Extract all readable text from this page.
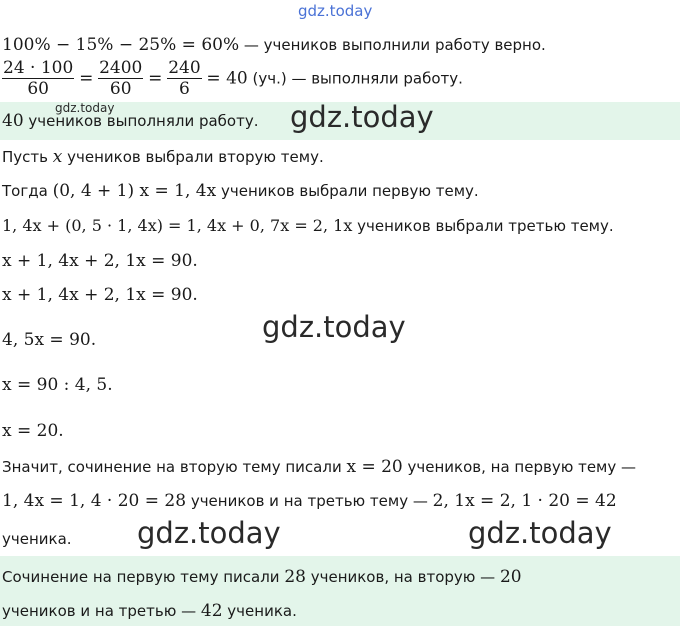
gdz.today
100% − 15% − 25% = 60% — учеников выполнили работу верно.
$\frac{24 \cdot 100}{60} = \frac{2400}{60} = \frac{240}{6} = 40$ (уч.) — выполняли работу.
gdz.today
40 учеников выполняли работу. gdz.today
Пусть x учеников выбрали вторую тему.
Тогда (0, 4 + 1) x = 1, 4x учеников выбрали первую тему.
1, 4x + (0, 5 · 1, 4x) = 1, 4x + 0, 7x = 2, 1x учеников выбрали третью тему.
x + 1, 4x + 2, 1x = 90.
x + 1, 4x + 2, 1x = 90.
gdz.today
4, 5x = 90.
x = 90 : 4, 5.
x = 20.
Значит, сочинение на вторую тему писали x = 20 учеников, на первую тему —
1, 4x = 1, 4 · 20 = 28 учеников и на третью тему — 2, 1x = 2, 1 · 20 = 42
ученика. gdz.today	gdz.today
Сочинение на первую тему писали 28 учеников, на вторую — 20
учеников и на третью — 42 ученика.
